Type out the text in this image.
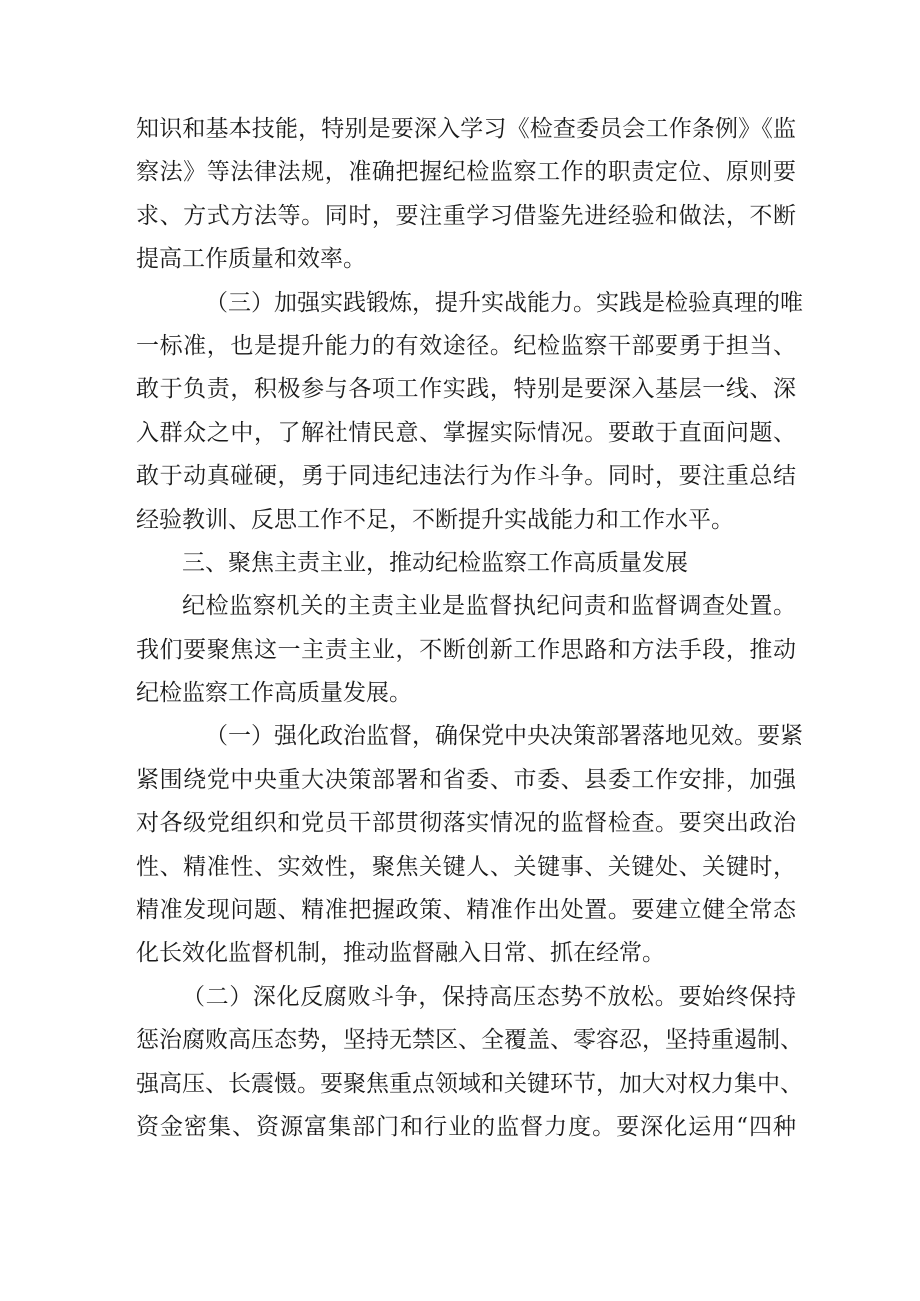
知识和基本技能，特别是要深入学习《检查委员会工作条例》《监
察法》等法律法规，准确把握纪检监察工作的职责定位、原则要
求、方式方法等。同时，要注重学习借鉴先进经验和做法，不断
提高工作质量和效率。
（三）加强实践锻炼，提升实战能力。实践是检验真理的唯
一标准，也是提升能力的有效途径。纪检监察干部要勇于担当、
敢于负责，积极参与各项工作实践，特别是要深入基层一线、深
入群众之中，了解社情民意、掌握实际情况。要敢于直面问题、
敢于动真碰硬，勇于同违纪违法行为作斗争。同时，要注重总结
经验教训、反思工作不足，不断提升实战能力和工作水平。
三、聚焦主责主业，推动纪检监察工作高质量发展
纪检监察机关的主责主业是监督执纪问责和监督调查处置。
我们要聚焦这一主责主业，不断创新工作思路和方法手段，推动
纪检监察工作高质量发展。
（一）强化政治监督，确保党中央决策部署落地见效。要紧
紧围绕党中央重大决策部署和省委、市委、县委工作安排，加强
对各级党组织和党员干部贯彻落实情况的监督检查。要突出政治
性、精准性、实效性，聚焦关键人、关键事、关键处、关键时，
精准发现问题、精准把握政策、精准作出处置。要建立健全常态
化长效化监督机制，推动监督融入日常、抓在经常。
（二）深化反腐败斗争，保持高压态势不放松。要始终保持
惩治腐败高压态势，坚持无禁区、全覆盖、零容忍，坚持重遏制、
强高压、长震慑。要聚焦重点领域和关键环节，加大对权力集中、
资金密集、资源富集部门和行业的监督力度。要深化运用“四种
